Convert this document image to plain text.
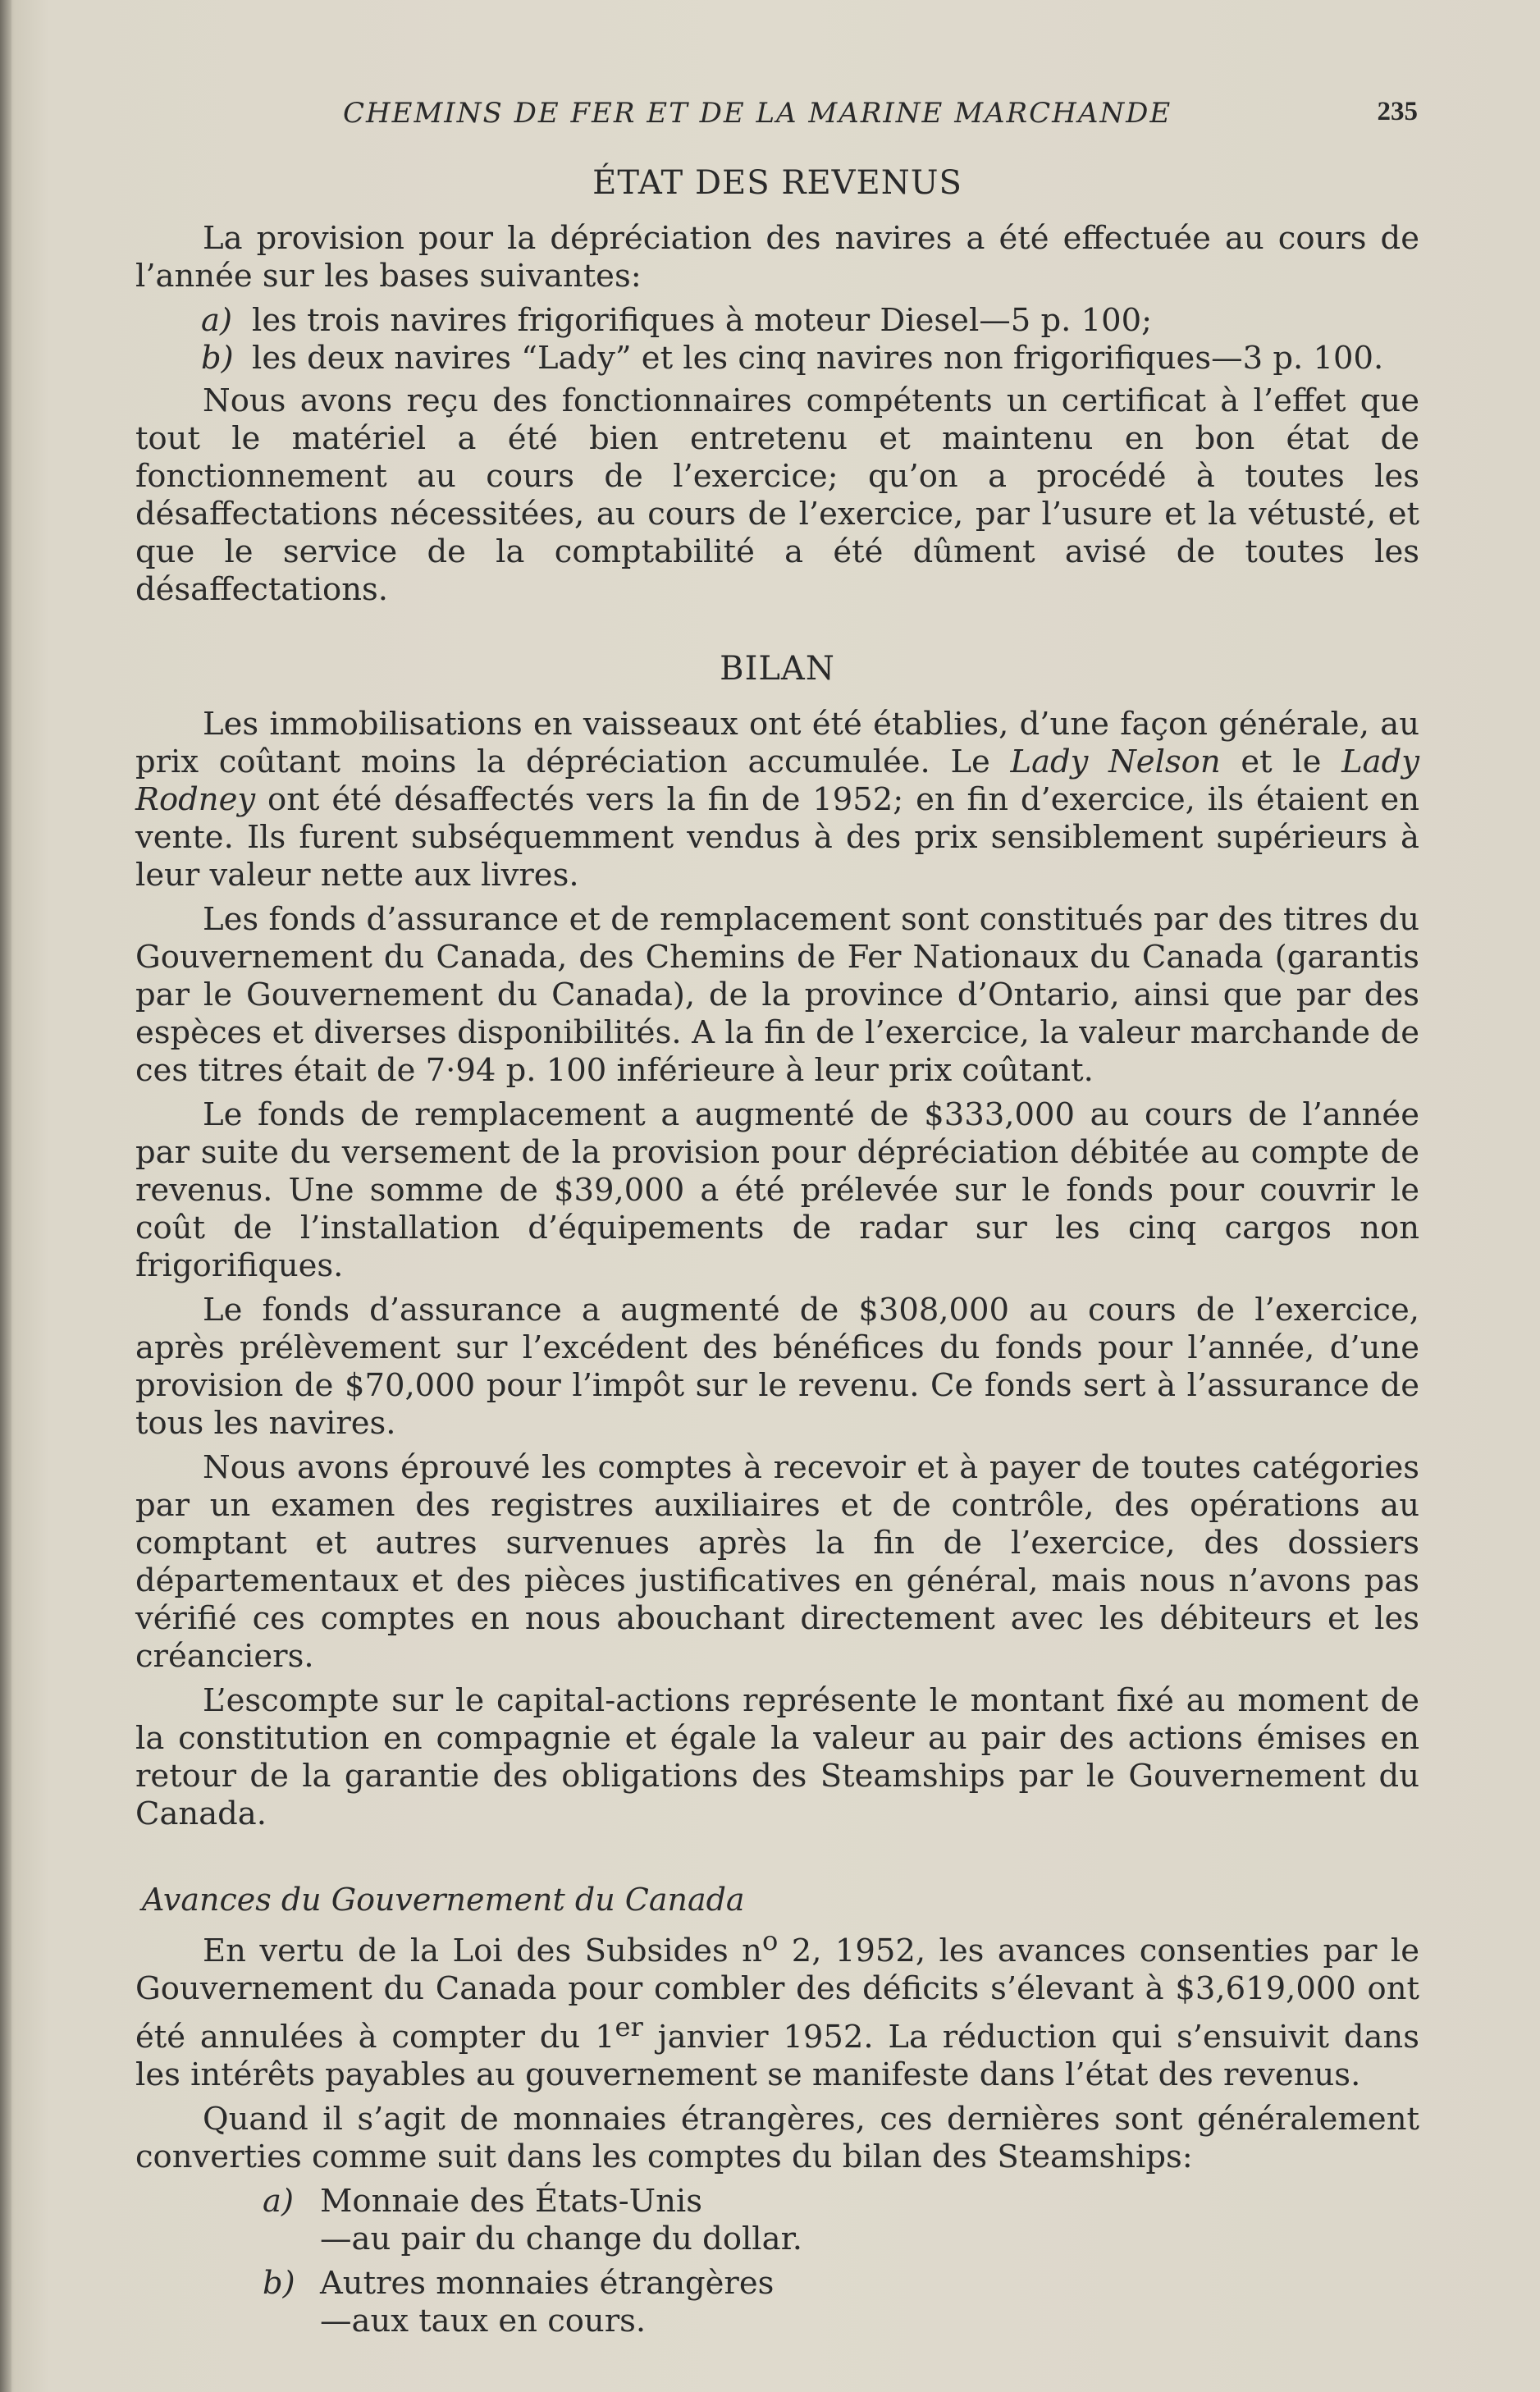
CHEMINS DE FER ET DE LA MARINE MARCHANDE	235
ÉTAT DES REVENUS

La provision pour la dépréciation des navires a été effectuée au cours de l’année sur les bases suivantes:

a) les trois navires frigorifiques à moteur Diesel—5 p. 100;
b) les deux navires “Lady” et les cinq navires non frigorifiques—3 p. 100.

Nous avons reçu des fonctionnaires compétents un certificat à l’effet que tout le matériel a été bien entretenu et maintenu en bon état de fonctionnement au cours de l’exercice; qu’on a procédé à toutes les désaffectations nécessitées, au cours de l’exercice, par l’usure et la vétusté, et que le service de la comptabilité a été dûment avisé de toutes les désaffectations.

BILAN

Les immobilisations en vaisseaux ont été établies, d’une façon générale, au prix coûtant moins la dépréciation accumulée. Le Lady Nelson et le Lady Rodney ont été désaffectés vers la fin de 1952; en fin d’exercice, ils étaient en vente. Ils furent subséquemment vendus à des prix sensiblement supérieurs à leur valeur nette aux livres.

Les fonds d’assurance et de remplacement sont constitués par des titres du Gouvernement du Canada, des Chemins de Fer Nationaux du Canada (garantis par le Gouvernement du Canada), de la province d’Ontario, ainsi que par des espèces et diverses disponibilités. A la fin de l’exercice, la valeur marchande de ces titres était de 7·94 p. 100 inférieure à leur prix coûtant.

Le fonds de remplacement a augmenté de $333,000 au cours de l’année par suite du versement de la provision pour dépréciation débitée au compte de revenus. Une somme de $39,000 a été prélevée sur le fonds pour couvrir le coût de l’installation d’équipements de radar sur les cinq cargos non frigorifiques.

Le fonds d’assurance a augmenté de $308,000 au cours de l’exercice, après prélèvement sur l’excédent des bénéfices du fonds pour l’année, d’une provision de $70,000 pour l’impôt sur le revenu. Ce fonds sert à l’assurance de tous les navires.

Nous avons éprouvé les comptes à recevoir et à payer de toutes catégories par un examen des registres auxiliaires et de contrôle, des opérations au comptant et autres survenues après la fin de l’exercice, des dossiers départementaux et des pièces justificatives en général, mais nous n’avons pas vérifié ces comptes en nous abouchant directement avec les débiteurs et les créanciers.

L’escompte sur le capital-actions représente le montant fixé au moment de la constitution en compagnie et égale la valeur au pair des actions émises en retour de la garantie des obligations des Steamships par le Gouvernement du Canada.

Avances du Gouvernement du Canada

En vertu de la Loi des Subsides $n^o$ 2, 1952, les avances consenties par le Gouvernement du Canada pour combler des déficits s’élevant à $3,619,000 ont été annulées à compter du 1er janvier 1952. La réduction qui s’ensuivit dans les intérêts payables au gouvernement se manifeste dans l’état des revenus.

Quand il s’agit de monnaies étrangères, ces dernières sont généralement converties comme suit dans les comptes du bilan des Steamships:

a) Monnaie des États-Unis
—au pair du change du dollar.
b) Autres monnaies étrangères
—aux taux en cours.
